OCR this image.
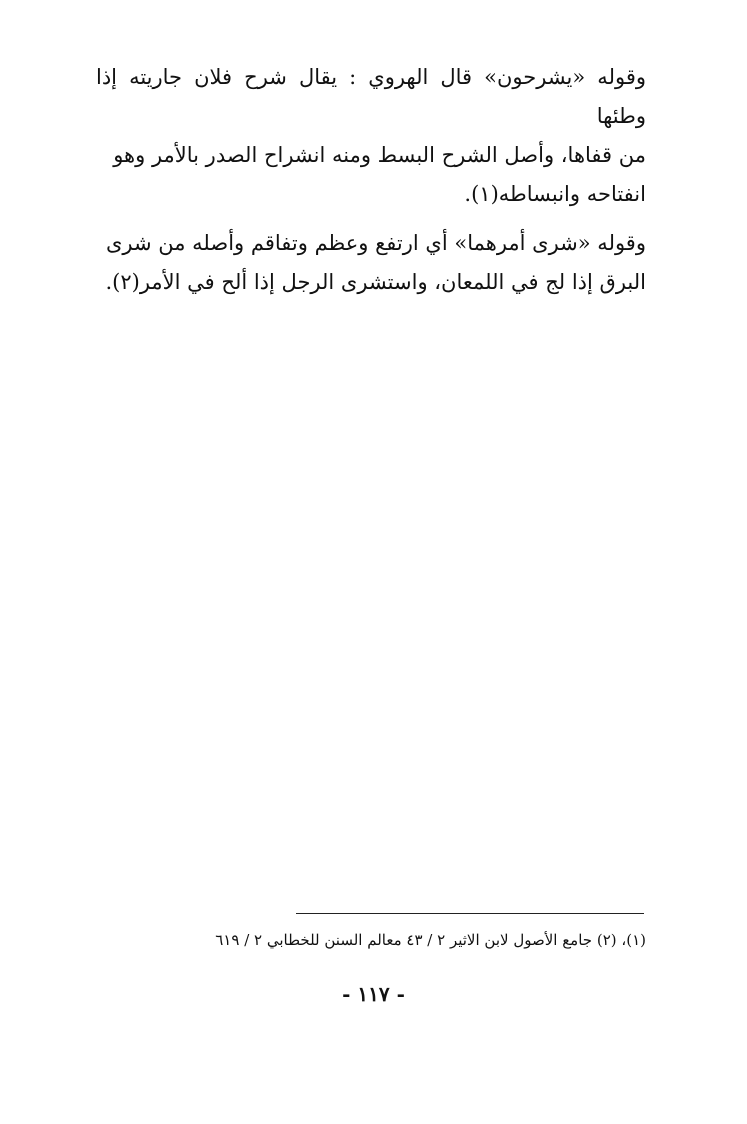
وقوله «يشرحون» قال الهروي : يقال شرح فلان جاريته إذا وطئها

من قفاها، وأصل الشرح البسط ومنه انشراح الصدر بالأمر وهو

انفتاحه وانبساطه(١).

وقوله «شرى أمرهما» أي ارتفع وعظم وتفاقم وأصله من شرى

البرق إذا لج في اللمعان، واستشرى الرجل إذا ألح في الأمر(٢).

(١)، (٢) جامع الأصول لابن الاثير ٢ / ٤٣ معالم السنن للخطابي ٢ / ٦١٩

- ١١٧ -
